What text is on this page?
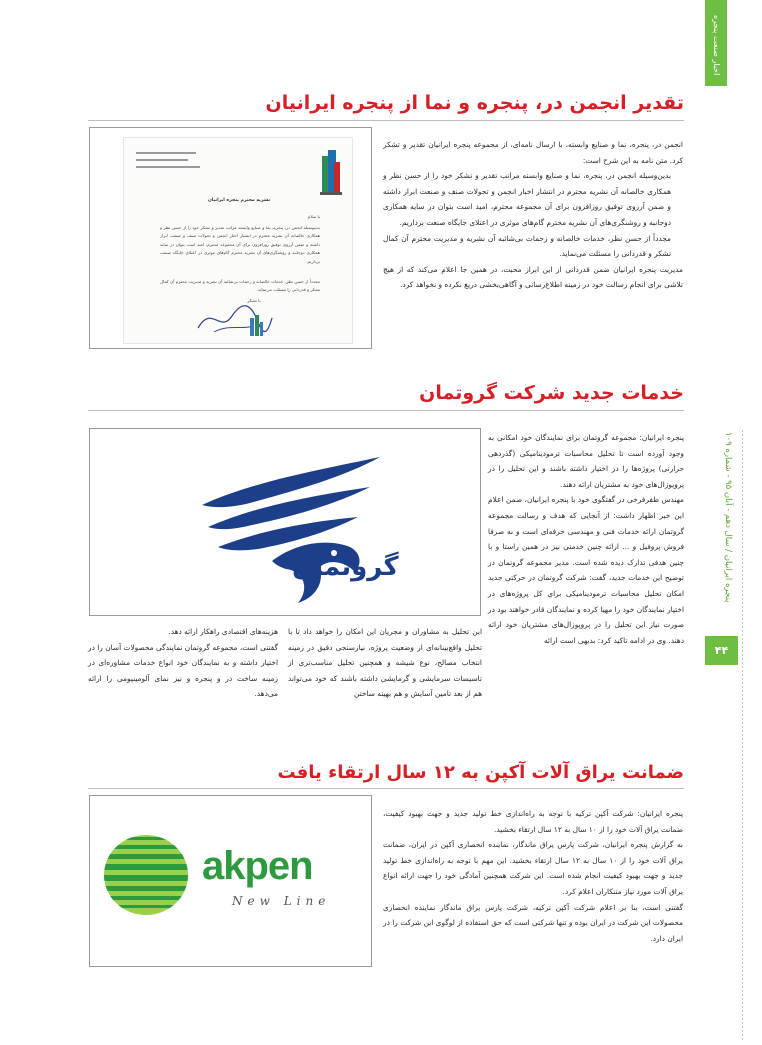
اخبار صنعت پنجره
پنجره ایرانیان / سال دهم - آبان ۹۵ - شماره ۱۰۹
۴۴
تقدیر انجمن در، پنجره و نما از پنجره ایرانیان
نشریه محترم پنجره ایرانیان
با سلام
بدینوسیله انجمن در، پنجره، نما و صنایع وابسته مراتب تقدیر و تشکر خود را از حسن نظر و همکاری خالصانه آن نشریه محترم در انتشار اخبار انجمن و تحولات صنف و صنعت ابراز داشته و ضمن آرزوی توفیق روزافزون برای آن مجموعه محترم، امید است بتوان در سایه همکاری دوجانبه و روشنگری‌های آن نشریه محترم گام‌های موثری در اعتلای جایگاه صنعت برداریم.
مجدداً از حسن نظر، خدمات خالصانه و زحمات بی‌شائبه آن نشریه و مدیریت محترم آن کمال تشکر و قدردانی را مسئلت می‌نماید.
با تشکر
انجمن در، پنجره، نما و صنایع وابسته، با ارسال نامه‌ای، از مجموعه پنجره ایرانیان تقدیر و تشکر کرد. متن نامه به این شرح است:
بدین‌وسیله انجمن در، پنجره، نما و صنایع وابسته مراتب تقدیر و تشکر خود را از حسن نظر و همکاری خالصانه آن نشریه محترم در انتشار اخبار انجمن و تحولات صنف و صنعت ابراز داشته و ضمن آرزوی توفیق روزافزون برای آن مجموعه محترم، امید است بتوان در سایه همکاری دوجانبه و روشنگری‌های آن نشریه محترم گام‌های موثری در اعتلای جایگاه صنعت برداریم.
مجدداً از حسن نظر، خدمات خالصانه و زحمات بی‌شائبه آن نشریه و مدیریت محترم آن کمال تشکر و قدردانی را مسئلت می‌نماید.
مدیریت پنجره ایرانیان ضمن قدردانی از این ابراز محبت، در همین جا اعلام می‌کند که از هیچ تلاشی برای انجام رسالت خود در زمینه اطلاع‌رسانی و آگاهی‌بخشی دریغ نکرده و نخواهد کرد.
خدمات جدید شرکت گروتمان
گروتمان
پنجره ایرانیان: مجموعه گروتمان برای نمایندگان خود امکانی به وجود آورده است تا تحلیل محاسبات ترمودینامیکی (گذردهی حرارتی) پروژه‌ها را در اختیار داشته باشند و این تحلیل را در پروپوزال‌های خود به مشتریان ارائه دهند.
مهندس ظفرقرخی در گفتگوی خود با پنجره ایرانیان، ضمن اعلام این خبر اظهار داشت: از آنجایی که هدف و رسالت مجموعه گروتمان ارائه خدمات فنی و مهندسی حرفه‌ای است و نه صرفا فروش پروفیل و ... ارائه چنین خدمتی نیز در همین راستا و با چنین هدفی تدارک دیده شده است. مدیر مجموعه گروتمان در توضیح این خدمات جدید، گفت: شرکت گروتمان در حرکتی جدید امکان تحلیل محاسبات ترمودینامیکی برای کل پروژه‌های در اختیار نمایندگان خود را مهیا کرده و نمایندگان قادر خواهند بود در صورت نیاز این تحلیل را در پروپوزال‌های مشتریان خود ارائه دهند. وی در ادامه تاکید کرد: بدیهی است ارائه
این تحلیل به مشاوران و مجریان این امکان را خواهد داد تا با تحلیل واقع‌بینانه‌ای از وضعیت پروژه، نیازسنجی دقیق در زمینه انتخاب مصالح، نوع شیشه و همچنین تحلیل مناسب‌تری از تاسیسات سرمایشی و گرمایشی داشته باشند که خود می‌تواند هم از بعد تامین آسایش و هم بهینه ساختن
هزینه‌های اقتصادی راهکار ارائه دهد.
گفتنی است، مجموعه گروتمان نمایندگی محصولات آسان را در اختیار داشته و به نمایندگان خود انواع خدمات مشاوره‌ای در زمینه ساخت در و پنجره و نیز نمای آلومینیومی را ارائه می‌دهد.
ضمانت یراق آلات آکپن به ۱۲ سال ارتقاء یافت
akpen
New Line
پنجره ایرانیان: شرکت آکپن ترکیه با توجه به راه‌اندازی خط تولید جدید و جهت بهبود کیفیت، ضمانت یراق آلات خود را از ۱۰ سال به ۱۲ سال ارتقاء بخشید.
به گزارش پنجره ایرانیان، شرکت پارس یراق ماندگار، نماینده انحصاری آکپن در ایران، ضمانت یراق آلات خود را از ۱۰ سال به ۱۲ سال ارتقاء بخشید. این مهم با توجه به راه‌اندازی خط تولید جدید و جهت بهبود کیفیت انجام شده است. این شرکت همچنین آمادگی خود را جهت ارائه انواع یراق آلات مورد نیاز متنکاران اعلام کرد.
گفتنی است، بنا بر اعلام شرکت آکپن ترکیه، شرکت پارس یراق ماندگار نماینده انحصاری محصولات این شرکت در ایران بوده و تنها شرکتی است که حق استفاده از لوگوی این شرکت را در ایران دارد.
